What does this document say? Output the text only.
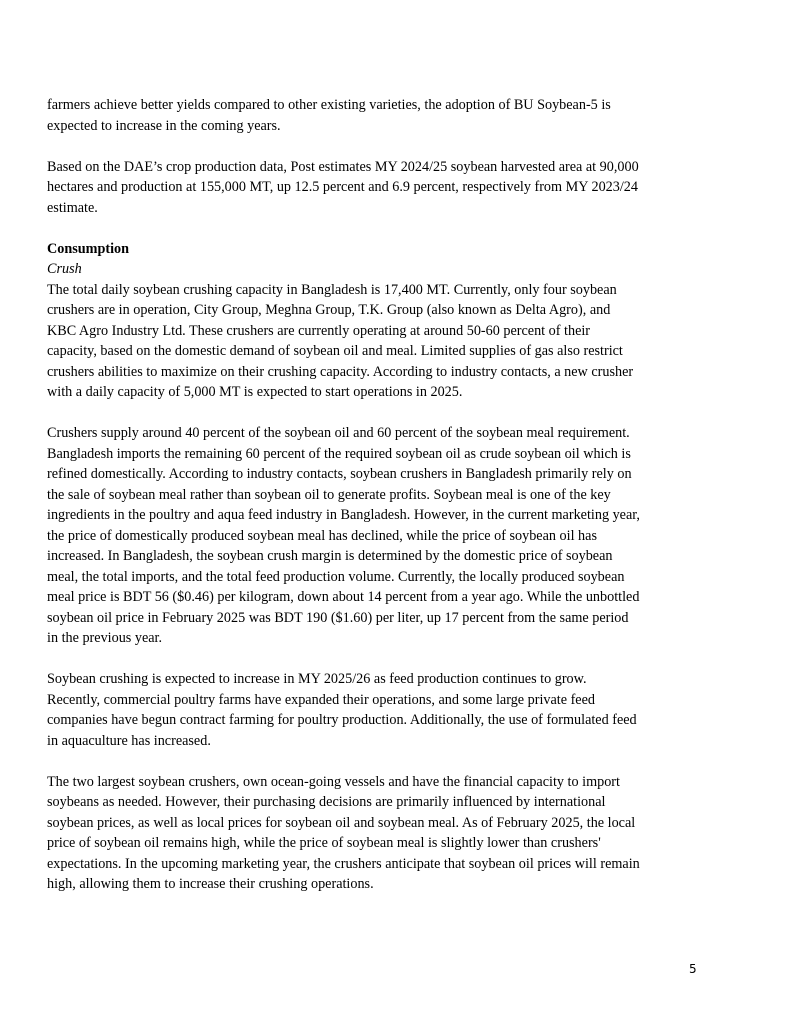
farmers achieve better yields compared to other existing varieties, the adoption of BU Soybean-5 is
expected to increase in the coming years.

Based on the DAE’s crop production data, Post estimates MY 2024/25 soybean harvested area at 90,000
hectares and production at 155,000 MT, up 12.5 percent and 6.9 percent, respectively from MY 2023/24
estimate.

Consumption
Crush

The total daily soybean crushing capacity in Bangladesh is 17,400 MT. Currently, only four soybean
crushers are in operation, City Group, Meghna Group, T.K. Group (also known as Delta Agro), and
KBC Agro Industry Ltd. These crushers are currently operating at around 50-60 percent of their
capacity, based on the domestic demand of soybean oil and meal. Limited supplies of gas also restrict
crushers abilities to maximize on their crushing capacity. According to industry contacts, a new crusher
with a daily capacity of 5,000 MT is expected to start operations in 2025.

Crushers supply around 40 percent of the soybean oil and 60 percent of the soybean meal requirement.
Bangladesh imports the remaining 60 percent of the required soybean oil as crude soybean oil which is
refined domestically. According to industry contacts, soybean crushers in Bangladesh primarily rely on
the sale of soybean meal rather than soybean oil to generate profits. Soybean meal is one of the key
ingredients in the poultry and aqua feed industry in Bangladesh. However, in the current marketing year,
the price of domestically produced soybean meal has declined, while the price of soybean oil has
increased. In Bangladesh, the soybean crush margin is determined by the domestic price of soybean
meal, the total imports, and the total feed production volume. Currently, the locally produced soybean
meal price is BDT 56 ($0.46) per kilogram, down about 14 percent from a year ago. While the unbottled
soybean oil price in February 2025 was BDT 190 ($1.60) per liter, up 17 percent from the same period
in the previous year.

Soybean crushing is expected to increase in MY 2025/26 as feed production continues to grow.
Recently, commercial poultry farms have expanded their operations, and some large private feed
companies have begun contract farming for poultry production. Additionally, the use of formulated feed
in aquaculture has increased.

The two largest soybean crushers, own ocean-going vessels and have the financial capacity to import
soybeans as needed. However, their purchasing decisions are primarily influenced by international
soybean prices, as well as local prices for soybean oil and soybean meal. As of February 2025, the local
price of soybean oil remains high, while the price of soybean meal is slightly lower than crushers'
expectations. In the upcoming marketing year, the crushers anticipate that soybean oil prices will remain
high, allowing them to increase their crushing operations.

5
